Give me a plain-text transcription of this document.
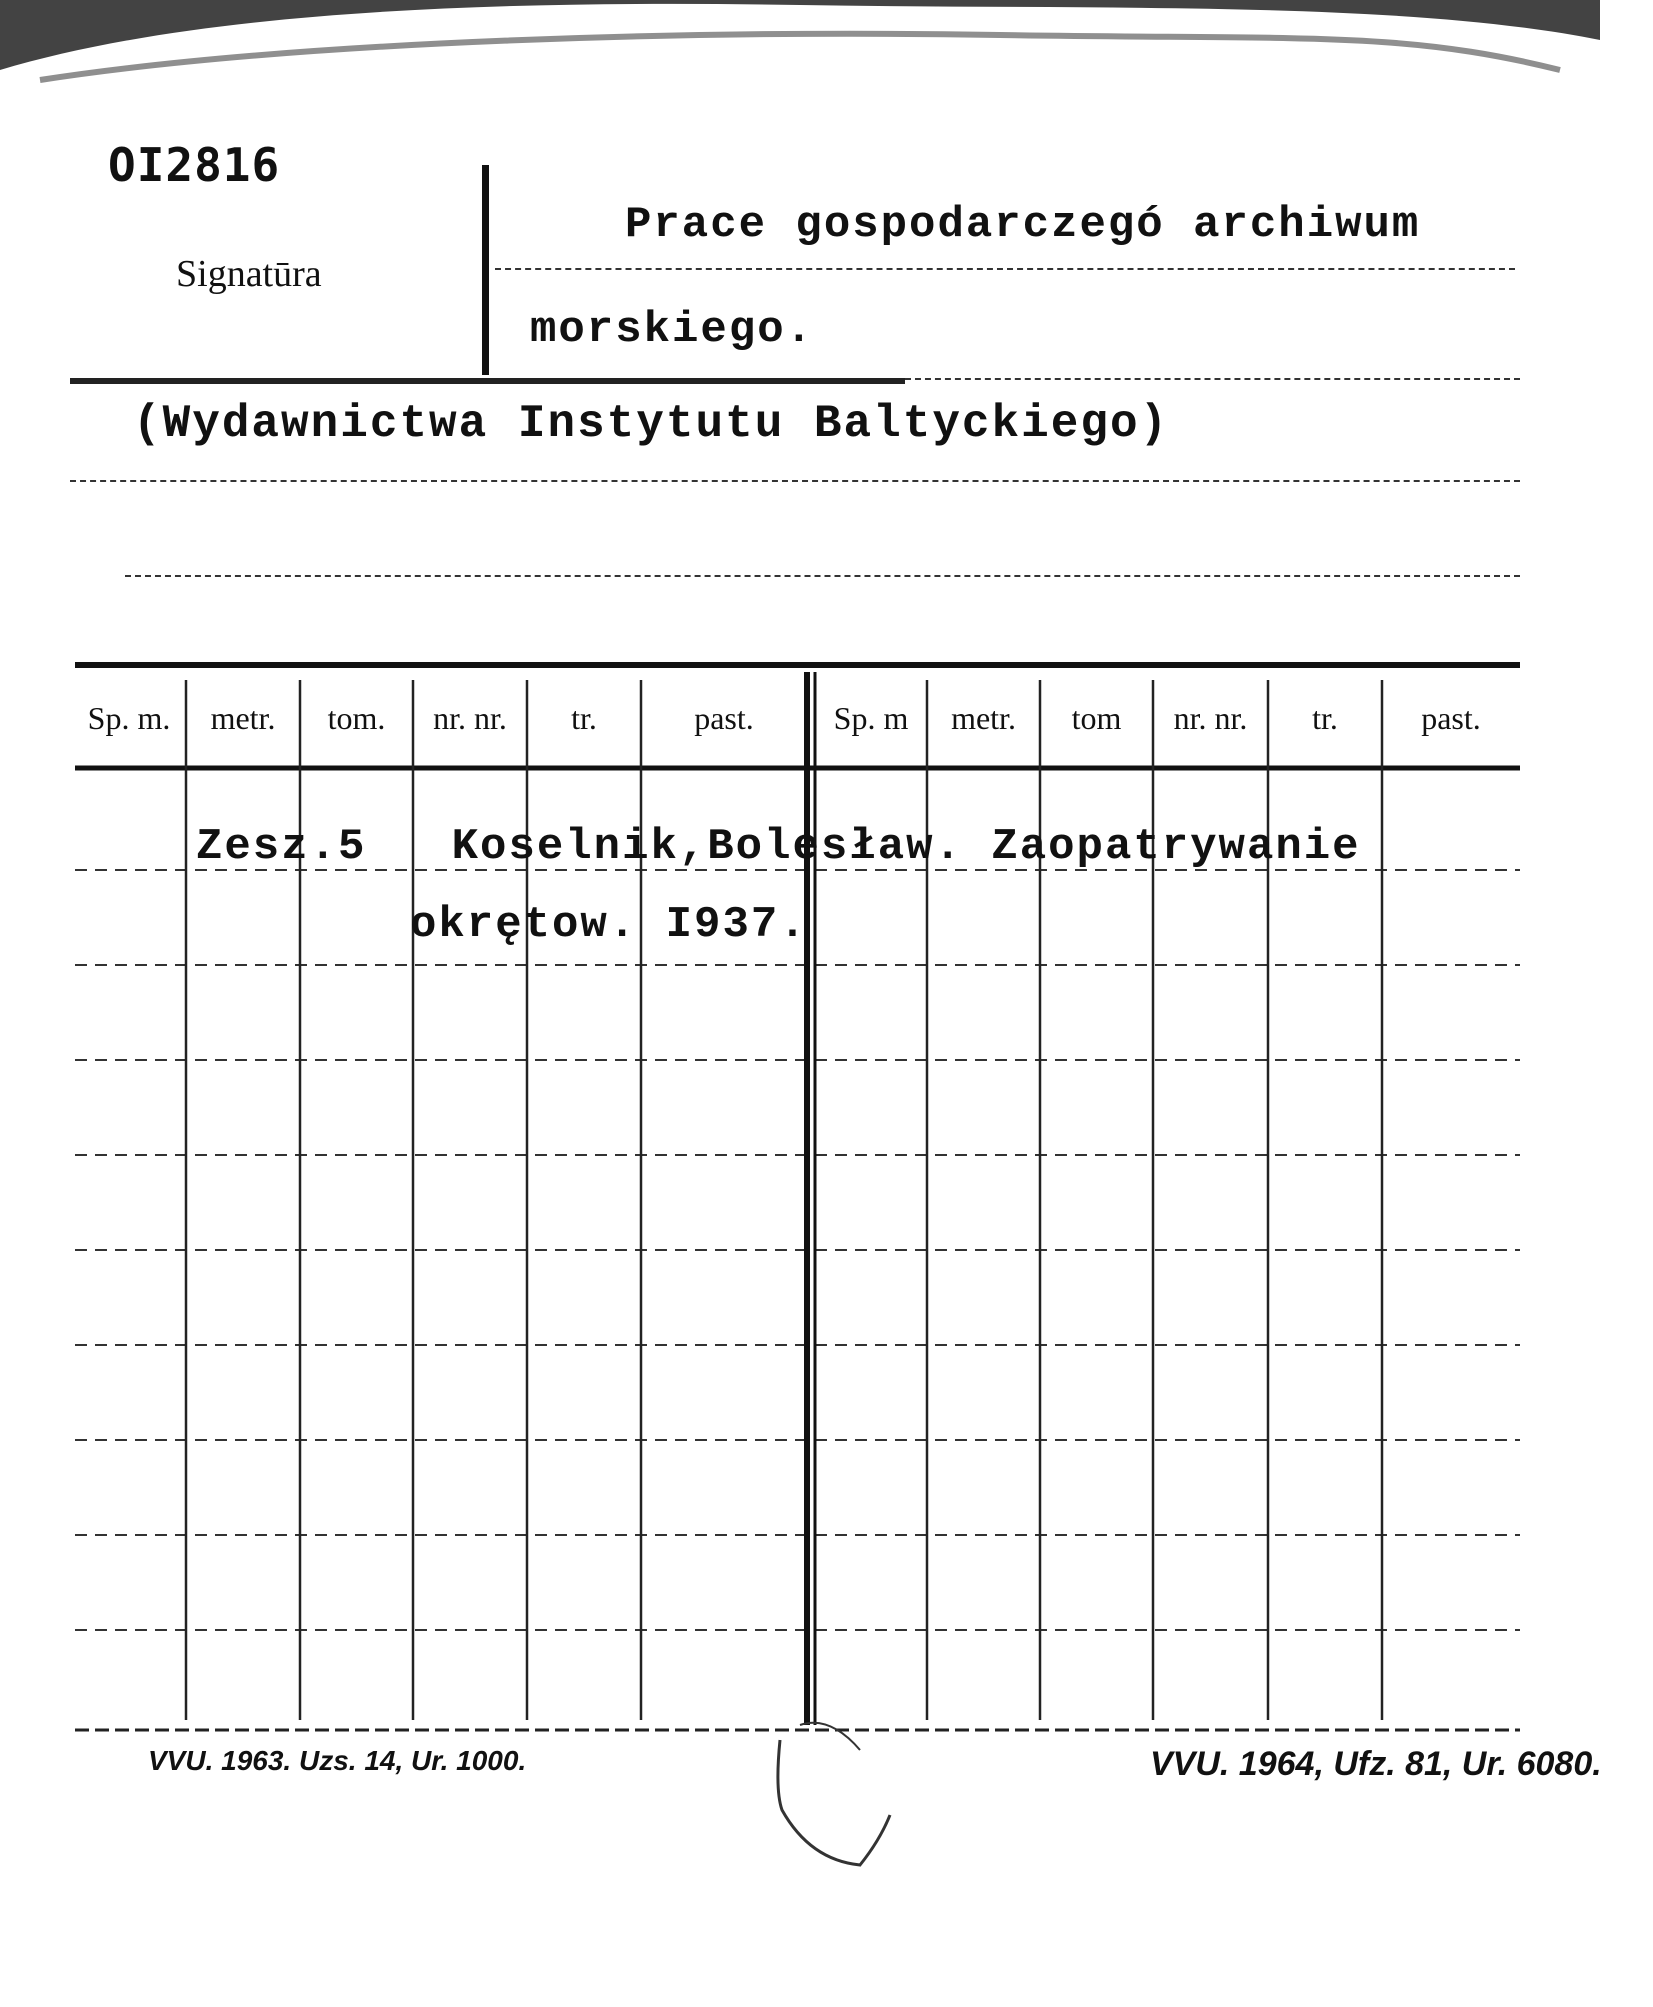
OI2816
Signatūra
Prace gospodarczegó archiwum
morskiego.
(Wydawnictwa Instytutu Baltyckiego)
Sp. m.	metr.	tom.	nr. nr.	tr.	past.	Sp. m	metr.	tom	nr. nr.	tr.	past.
Zesz.5   Koselnik,Bolesław. Zaopatrywanie
okrętow. I937.
VVU. 1963. Uzs. 14, Ur. 1000.	VVU. 1964, Ufz. 81, Ur. 6080.
